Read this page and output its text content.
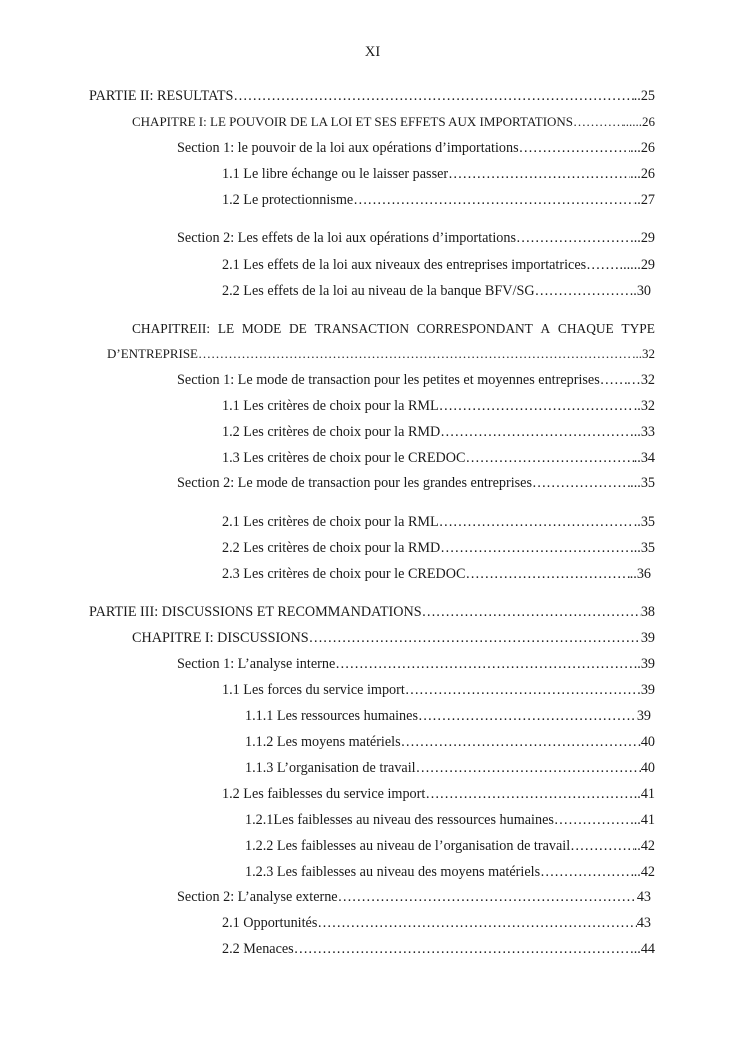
XI
PARTIE II: RESULTATS …………………………………………………………………………………………………………………………………………………………	..25
CHAPITRE I: LE POUVOIR DE LA LOI ET SES EFFETS AUX IMPORTATIONS …………………………………………………………………………………………………………………………………………………………	......26
Section 1: le pouvoir de la loi aux opérations d’importations …………………………………………………………………………………………………………………………………………………………	...26
1.1 Le libre échange ou le laisser passer …………………………………………………………………………………………………………………………………………………………	...26
1.2 Le protectionnisme …………………………………………………………………………………………………………………………………………………………	..27
Section 2: Les effets de la loi aux opérations d’importations …………………………………………………………………………………………………………………………………………………………	...29
2.1 Les effets de la loi aux niveaux des entreprises importatrices ………………………………………………………………………………………………………………………………………………………… ......29
2.2 Les effets de la loi au niveau de la banque BFV/SG …………………………………………………………………………………………………………………………………………………………	..30
CHAPITREII: LE MODE DE TRANSACTION CORRESPONDANT A CHAQUE TYPE
D’ENTREPRISE …………………………………………………………………………………………………………………………………………………………	...32
Section 1: Le mode de transaction pour les petites et moyennes entreprises ………………………………………………………………………………………………………………………………………………………… …32
1.1 Les critères de choix pour la RML …………………………………………………………………………………………………………………………………………………………	..32
1.2 Les critères de choix pour la RMD …………………………………………………………………………………………………………………………………………………………	..33
1.3 Les critères de choix pour le CREDOC …………………………………………………………………………………………………………………………………………………………	..34
Section 2: Le mode de transaction pour les grandes entreprises …………………………………………………………………………………………………………………………………………………………	...35
2.1 Les critères de choix pour la RML …………………………………………………………………………………………………………………………………………………………	..35
2.2 Les critères de choix pour la RMD …………………………………………………………………………………………………………………………………………………………	..35
2.3 Les critères de choix pour le CREDOC …………………………………………………………………………………………………………………………………………………………	..36
PARTIE III: DISCUSSIONS ET RECOMMANDATIONS …………………………………………………………………………………………………………………………………………………………	38
CHAPITRE I: DISCUSSIONS …………………………………………………………………………………………………………………………………………………………	39
Section 1: L’analyse interne …………………………………………………………………………………………………………………………………………………………	..39
1.1 Les forces du service import …………………………………………………………………………………………………………………………………………………………	39
1.1.1 Les ressources humaines …………………………………………………………………………………………………………………………………………………………	39
1.1.2 Les moyens matériels …………………………………………………………………………………………………………………………………………………………	40
1.1.3 L’organisation de travail …………………………………………………………………………………………………………………………………………………………	40
1.2 Les faiblesses du service import …………………………………………………………………………………………………………………………………………………………	..41
1.2.1Les faiblesses au niveau des ressources humaines …………………………………………………………………………………………………………………………………………………………	..41
1.2.2 Les faiblesses au niveau de l’organisation de travail …………………………………………………………………………………………………………………………………………………………	..42
1.2.3 Les faiblesses au niveau des moyens matériels …………………………………………………………………………………………………………………………………………………………	..42
Section 2: L’analyse externe …………………………………………………………………………………………………………………………………………………………	43
2.1 Opportunités …………………………………………………………………………………………………………………………………………………………	43
2.2 Menaces …………………………………………………………………………………………………………………………………………………………	..44
